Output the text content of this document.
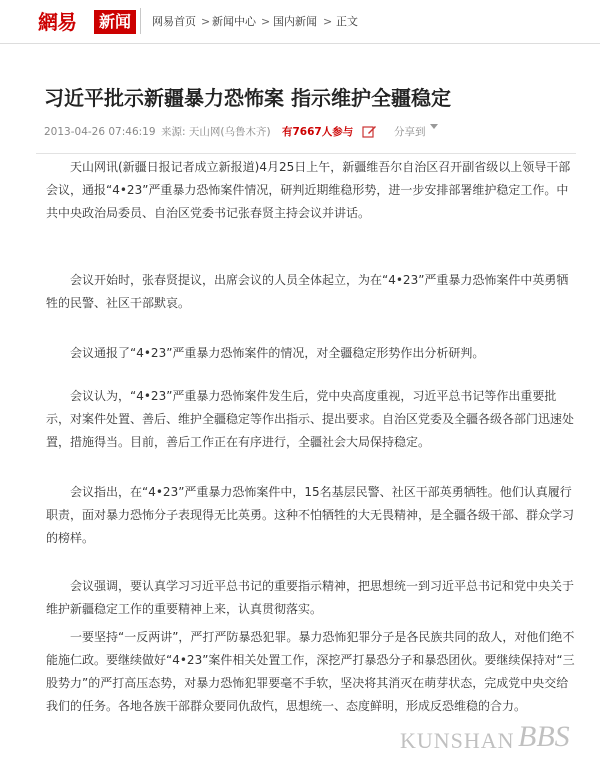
網易	新闻	网易首页 > 新闻中心 > 国内新闻 > 正文
习近平批示新疆暴力恐怖案 指示维护全疆稳定
2013-04-26 07:46:19 来源: 天山网(乌鲁木齐) 有7667人参与	分享到

天山网讯(新疆日报记者成立新报道)4月25日上午，新疆维吾尔自治区召开副省级以上领导干部会议，通报“4•23”严重暴力恐怖案件情况，研判近期维稳形势，进一步安排部署维护稳定工作。中共中央政治局委员、自治区党委书记张春贤主持会议并讲话。

会议开始时，张春贤提议，出席会议的人员全体起立，为在“4•23”严重暴力恐怖案件中英勇牺牲的民警、社区干部默哀。

会议通报了“4•23”严重暴力恐怖案件的情况，对全疆稳定形势作出分析研判。

会议认为，“4•23”严重暴力恐怖案件发生后，党中央高度重视，习近平总书记等作出重要批示，对案件处置、善后、维护全疆稳定等作出指示、提出要求。自治区党委及全疆各级各部门迅速处置，措施得当。目前，善后工作正在有序进行，全疆社会大局保持稳定。

会议指出，在“4•23”严重暴力恐怖案件中，15名基层民警、社区干部英勇牺牲。他们认真履行职责，面对暴力恐怖分子表现得无比英勇。这种不怕牺牲的大无畏精神，是全疆各级干部、群众学习的榜样。

会议强调，要认真学习习近平总书记的重要指示精神，把思想统一到习近平总书记和党中央关于维护新疆稳定工作的重要精神上来，认真贯彻落实。

一要坚持“一反两讲”，严打严防暴恐犯罪。暴力恐怖犯罪分子是各民族共同的敌人，对他们绝不能施仁政。要继续做好“4•23”案件相关处置工作，深挖严打暴恐分子和暴恐团伙。要继续保持对“三股势力”的严打高压态势，对暴力恐怖犯罪要毫不手软，坚决将其消灭在萌芽状态，完成党中央交给我们的任务。各地各族干部群众要同仇敌忾，思想统一、态度鲜明，形成反恐维稳的合力。

KUNSHAN BBS
